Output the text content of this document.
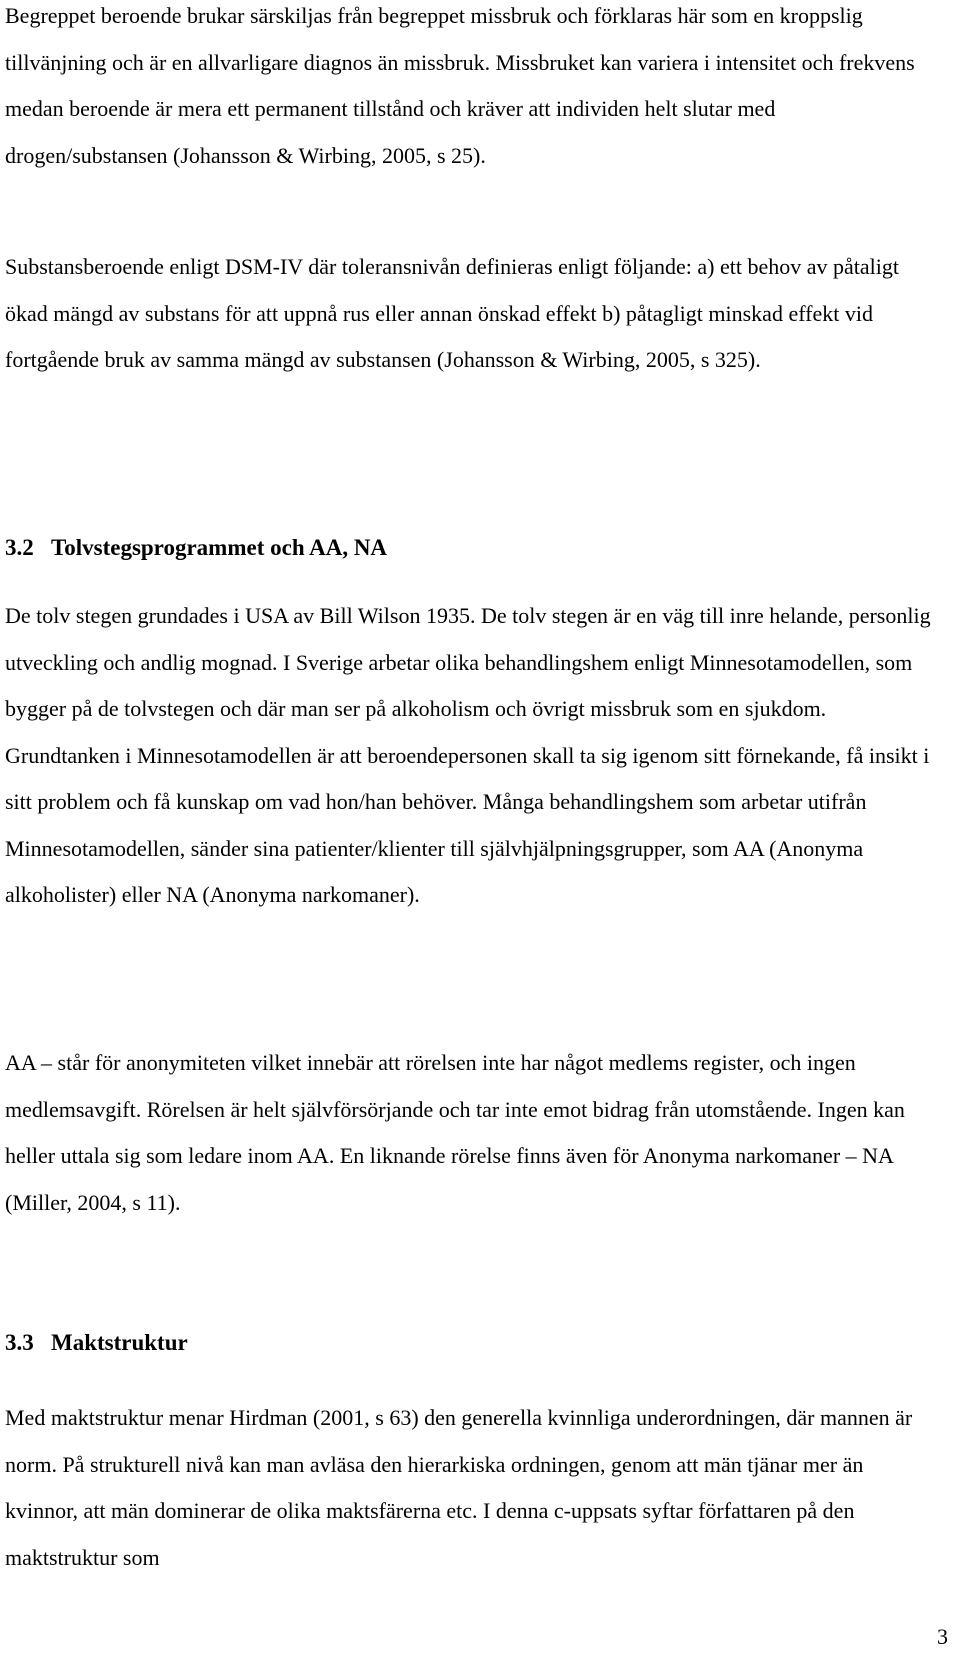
Begreppet beroende brukar särskiljas från begreppet missbruk och förklaras här som en kroppslig tillvänjning och är en allvarligare diagnos än missbruk. Missbruket kan variera i intensitet och frekvens medan beroende är mera ett permanent tillstånd och kräver att individen helt slutar med drogen/substansen (Johansson & Wirbing, 2005, s 25).

Substansberoende enligt DSM-IV där toleransnivån definieras enligt följande: a) ett behov av påtaligt ökad mängd av substans för att uppnå rus eller annan önskad effekt b) påtagligt minskad effekt vid fortgående bruk av samma mängd av substansen (Johansson & Wirbing, 2005, s 325).

3.2 Tolvstegsprogrammet och AA, NA

De tolv stegen grundades i USA av Bill Wilson 1935. De tolv stegen är en väg till inre helande, personlig utveckling och andlig mognad. I Sverige arbetar olika behandlingshem enligt Minnesotamodellen, som bygger på de tolvstegen och där man ser på alkoholism och övrigt missbruk som en sjukdom. Grundtanken i Minnesotamodellen är att beroendepersonen skall ta sig igenom sitt förnekande, få insikt i sitt problem och få kunskap om vad hon/han behöver. Många behandlingshem som arbetar utifrån Minnesotamodellen, sänder sina patienter/klienter till självhjälpningsgrupper, som AA (Anonyma alkoholister) eller NA (Anonyma narkomaner).

AA – står för anonymiteten vilket innebär att rörelsen inte har något medlems register, och ingen medlemsavgift. Rörelsen är helt självförsörjande och tar inte emot bidrag från utomstående. Ingen kan heller uttala sig som ledare inom AA. En liknande rörelse finns även för Anonyma narkomaner – NA (Miller, 2004, s 11).

3.3 Maktstruktur

Med maktstruktur menar Hirdman (2001, s 63) den generella kvinnliga underordningen, där mannen är norm. På strukturell nivå kan man avläsa den hierarkiska ordningen, genom att män tjänar mer än kvinnor, att män dominerar de olika maktsfärerna etc. I denna c-uppsats syftar författaren på den maktstruktur som

3
